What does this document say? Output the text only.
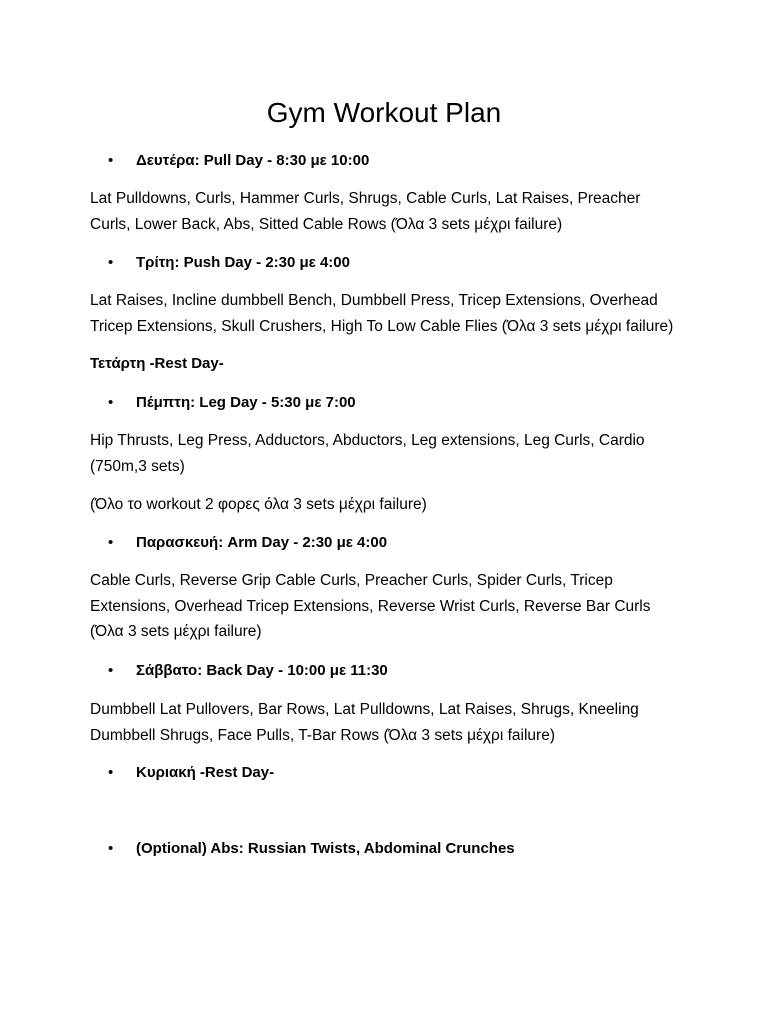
Gym Workout Plan
• Δευτέρα: Pull Day - 8:30 με 10:00

Lat Pulldowns, Curls, Hammer Curls, Shrugs, Cable Curls, Lat Raises, Preacher
Curls, Lower Back, Abs, Sitted Cable Rows (Όλα 3 sets μέχρι failure)

• Τρίτη: Push Day - 2:30 με 4:00

Lat Raises, Incline dumbbell Bench, Dumbbell Press, Tricep Extensions, Overhead
Tricep Extensions, Skull Crushers, High To Low Cable Flies (Όλα 3 sets μέχρι failure)

Τετάρτη -Rest Day-

• Πέμπτη: Leg Day - 5:30 με 7:00

Hip Thrusts, Leg Press, Adductors, Abductors, Leg extensions, Leg Curls, Cardio
(750m,3 sets)

(Όλο το workout 2 φορες όλα 3 sets μέχρι failure)

• Παρασκευή: Arm Day - 2:30 με 4:00

Cable Curls, Reverse Grip Cable Curls, Preacher Curls, Spider Curls, Tricep
Extensions, Overhead Tricep Extensions, Reverse Wrist Curls, Reverse Bar Curls
(Όλα 3 sets μέχρι failure)

• Σάββατο: Back Day - 10:00 με 11:30

Dumbbell Lat Pullovers, Bar Rows, Lat Pulldowns, Lat Raises, Shrugs, Kneeling
Dumbbell Shrugs, Face Pulls, T-Bar Rows (Όλα 3 sets μέχρι failure)

• Κυριακή -Rest Day-
• (Optional) Abs: Russian Twists, Abdominal Crunches
